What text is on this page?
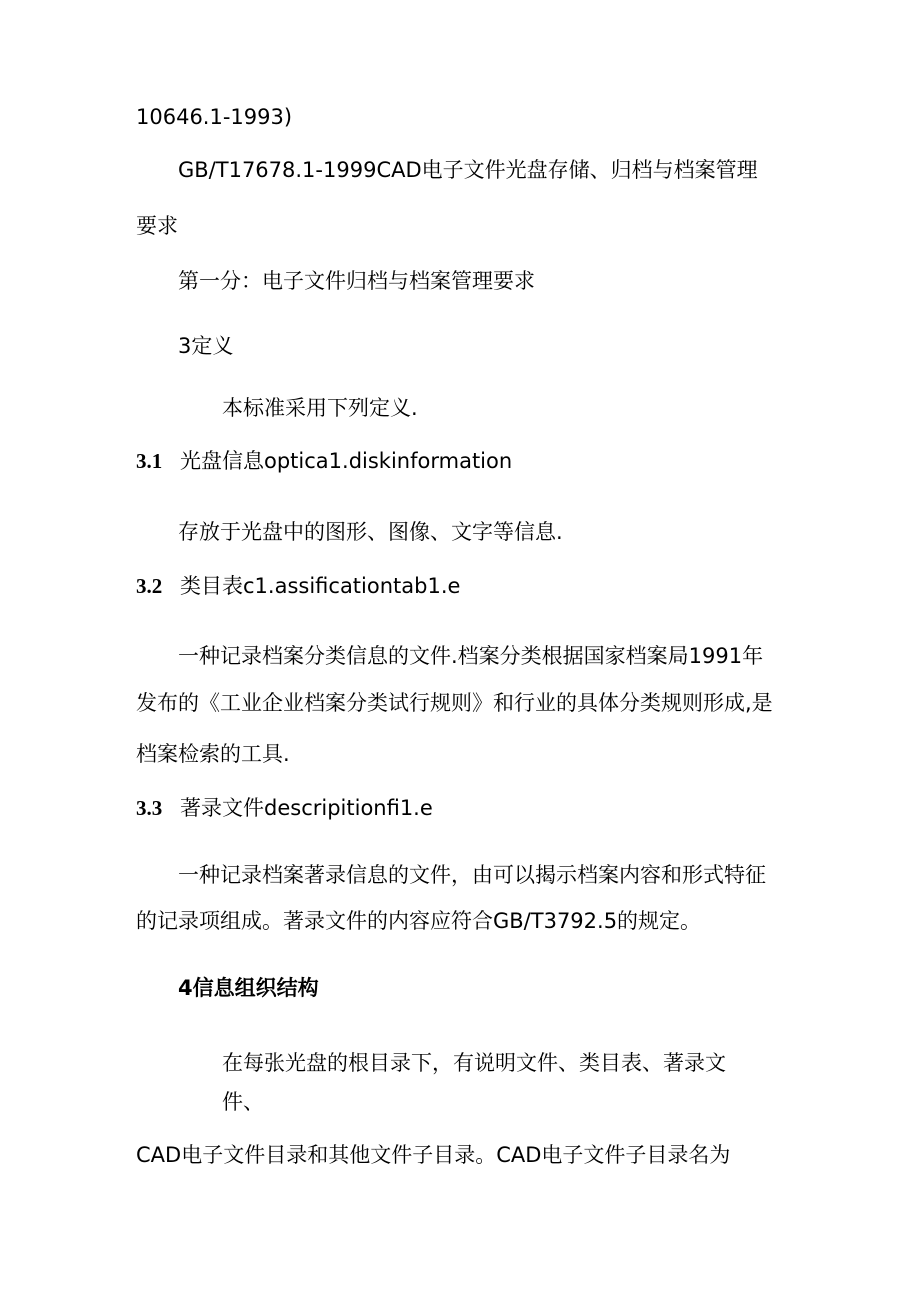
10646.1-1993)
GB/T17678.1-1999CAD电子文件光盘存储、归档与档案管理
要求
第一分：电子文件归档与档案管理要求
3定义
本标准采用下列定义.
3.1 光盘信息optica1.diskinformation
存放于光盘中的图形、图像、文字等信息.
3.2 类目表c1.assificationtab1.e
一种记录档案分类信息的文件.档案分类根据国家档案局1991年
发布的《工业企业档案分类试行规则》和行业的具体分类规则形成,是
档案检索的工具.
3.3 著录文件descripitionfi1.e
一种记录档案著录信息的文件，由可以揭示档案内容和形式特征
的记录项组成。著录文件的内容应符合GB/T3792.5的规定。
4信息组织结构
在每张光盘的根目录下，有说明文件、类目表、著录文
件、
CAD电子文件目录和其他文件子目录。CAD电子文件子目录名为
